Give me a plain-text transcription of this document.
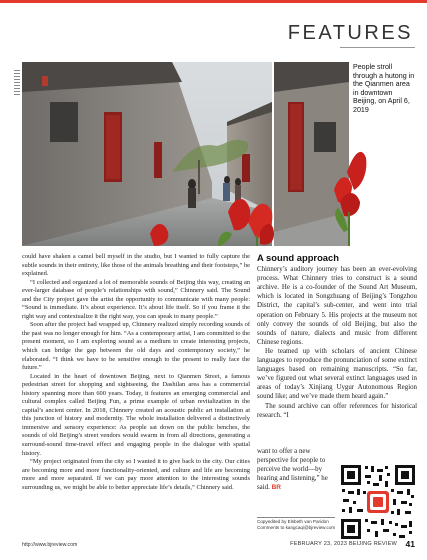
FEATURES
People stroll through a hutong in the Qianmen area in downtown Beijing, on April 6, 2019

could have shaken a camel bell myself in the studio, but I wanted to fully capture the subtle sounds in their entirety, like those of the animals breathing and their footsteps,” he explained.

“I collected and organized a lot of memorable sounds of Beijing this way, creating an ever-larger database of people’s relationships with sound,” Chinnery said. The Sound and the City project gave the artist the opportunity to communicate with many people: “Sound is immediate. It’s about experience. It’s about life itself. So if you frame it the right way and contextualize it the right way, you can speak to many people.”

Soon after the project had wrapped up, Chinnery realized simply recording sounds of the past was no longer enough for him. “As a contemporary artist, I am committed to the present moment, so I am exploring sound as a medium to create interesting projects, which can bridge the gap between the old days and contemporary society,” he elaborated. “I think we have to be sensitive enough to the present to really face the future.”

Located in the heart of downtown Beijing, next to Qianmen Street, a famous pedestrian street for shopping and sightseeing, the Dashilan area has a commercial history spanning more than 600 years. Today, it features an emerging commercial and cultural complex called Beijing Fun, a prime example of urban revitalization in the capital’s ancient center. In 2018, Chinnery created an acoustic public art installation at this junction of history and modernity. The whole installation delivered a distinctively immersive and sensory experience: As people sat down on the public benches, the sounds of old Beijing’s street vendors would swarm in from all directions, generating a surround-sound time-travel effect and engaging people in the dialogue with spatial history.

“My project originated from the city so I wanted it to give back to the city. Our cities are becoming more and more functionality-oriented, and culture and life are becoming more and more separated. If we can pay more attention to the interesting sounds surrounding us, we might be able to better appreciate life’s details,” Chinnery said.

A sound approach

Chinnery’s auditory journey has been an ever-evolving process. What Chinnery tries to construct is a sound archive. He is a co-founder of the Sound Art Museum, which is located in Songzhuang of Beijing’s Tongzhou District, the capital’s sub-center, and went into trial operation on February 5. His projects at the museum not only convey the sounds of old Beijing, but also the sounds of nature, dialects and music from different Chinese regions.

He teamed up with scholars of ancient Chinese languages to reproduce the pronunciation of some extinct languages based on remaining manuscripts. “So far, we’ve figured out what several extinct languages used in areas of today’s Xinjiang Uygur Autonomous Region sound like; and we’ve made them heard again.”

The sound archive can offer references for historical research. “I

want to offer a new perspective for people to perceive the world—by hearing and listening,” he said. BR

Copyedited by Elsbeth van Paridon
Comments to kangcaqi@bjreview.com
http://www.bjreview.com	FEBRUARY 23, 2023 BEIJING REVIEW 41
